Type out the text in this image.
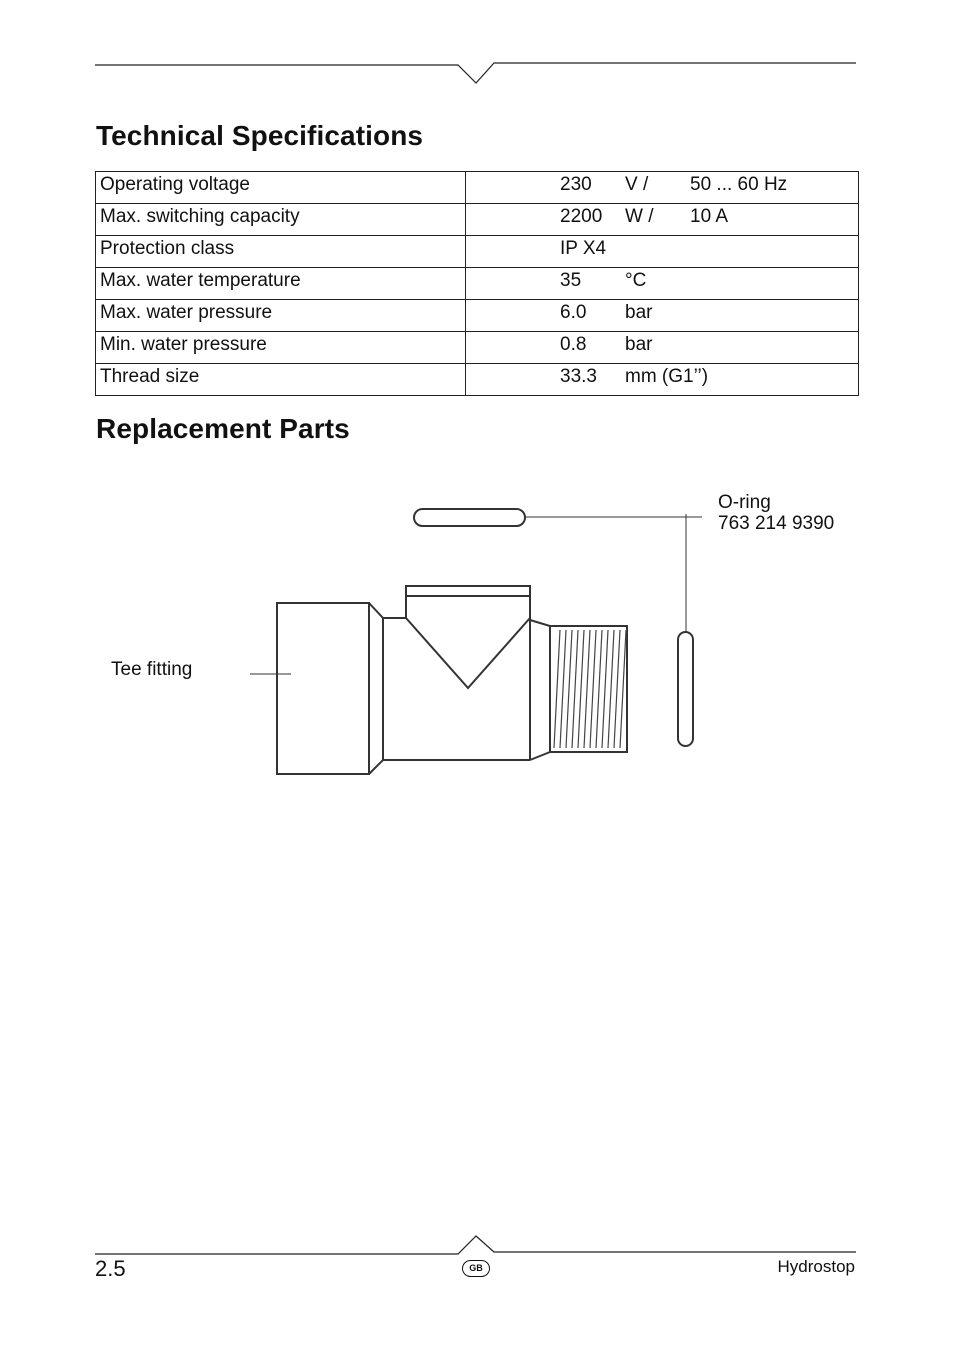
Technical Specifications
Operating voltage	230 V / 50 ... 60 Hz

Max. switching capacity	2200 W / 10 A

Protection class	IP X4

Max. water temperature	35 °C

Max. water pressure	6.0 bar

Min. water pressure	0.8 bar

Thread size	33.3 mm (G1’’)
Replacement Parts
O-ring
763 214 9390
Tee fitting
2.5	GB	Hydrostop
